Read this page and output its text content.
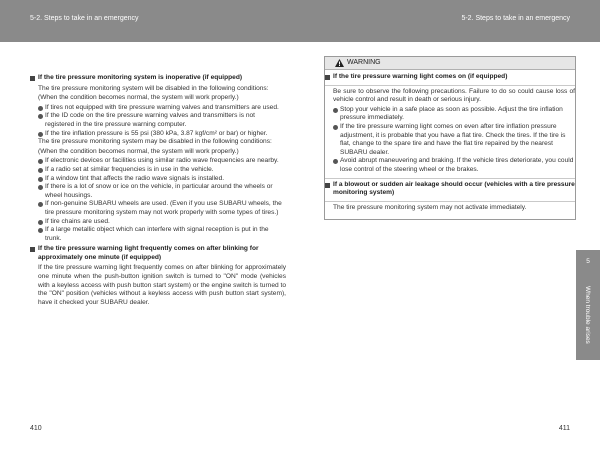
5-2. Steps to take in an emergency	5-2. Steps to take in an emergency
If the tire pressure monitoring system is inoperative (if equipped)

The tire pressure monitoring system will be disabled in the following conditions:

(When the condition becomes normal, the system will work properly.)

If tires not equipped with tire pressure warning valves and transmitters are used.
If the ID code on the tire pressure warning valves and transmitters is not registered in the tire pressure warning computer.
If the tire inflation pressure is 55 psi (380 kPa, 3.87 kgf/cm² or bar) or higher.

The tire pressure monitoring system may be disabled in the following conditions:

(When the condition becomes normal, the system will work properly.)

If electronic devices or facilities using similar radio wave frequencies are nearby.
If a radio set at similar frequencies is in use in the vehicle.
If a window tint that affects the radio wave signals is installed.
If there is a lot of snow or ice on the vehicle, in particular around the wheels or wheel housings.
If non-genuine SUBARU wheels are used. (Even if you use SUBARU wheels, the tire pressure monitoring system may not work properly with some types of tires.)
If tire chains are used.
If a large metallic object which can interfere with signal reception is put in the trunk.
If the tire pressure warning light frequently comes on after blinking for approximately one minute (if equipped)

If the tire pressure warning light frequently comes on after blinking for approximately one minute when the push-button ignition switch is turned to "ON" mode (vehicles with a keyless access with push button start system) or the engine switch is turned to the "ON" position (vehicles without a keyless access with push button start system), have it checked your SUBARU dealer.

WARNING
If the tire pressure warning light comes on (if equipped)

Be sure to observe the following precautions. Failure to do so could cause loss of vehicle control and result in death or serious injury.

Stop your vehicle in a safe place as soon as possible. Adjust the tire inflation pressure immediately.
If the tire pressure warning light comes on even after tire inflation pressure adjustment, it is probable that you have a flat tire. Check the tires. If the tire is flat, change to the spare tire and have the flat tire repaired by the nearest SUBARU dealer.
Avoid abrupt maneuvering and braking. If the vehicle tires deteriorate, you could lose control of the steering wheel or the brakes.
If a blowout or sudden air leakage should occur (vehicles with a tire pressure monitoring system)

The tire pressure monitoring system may not activate immediately.

5
When trouble arises
410	411
